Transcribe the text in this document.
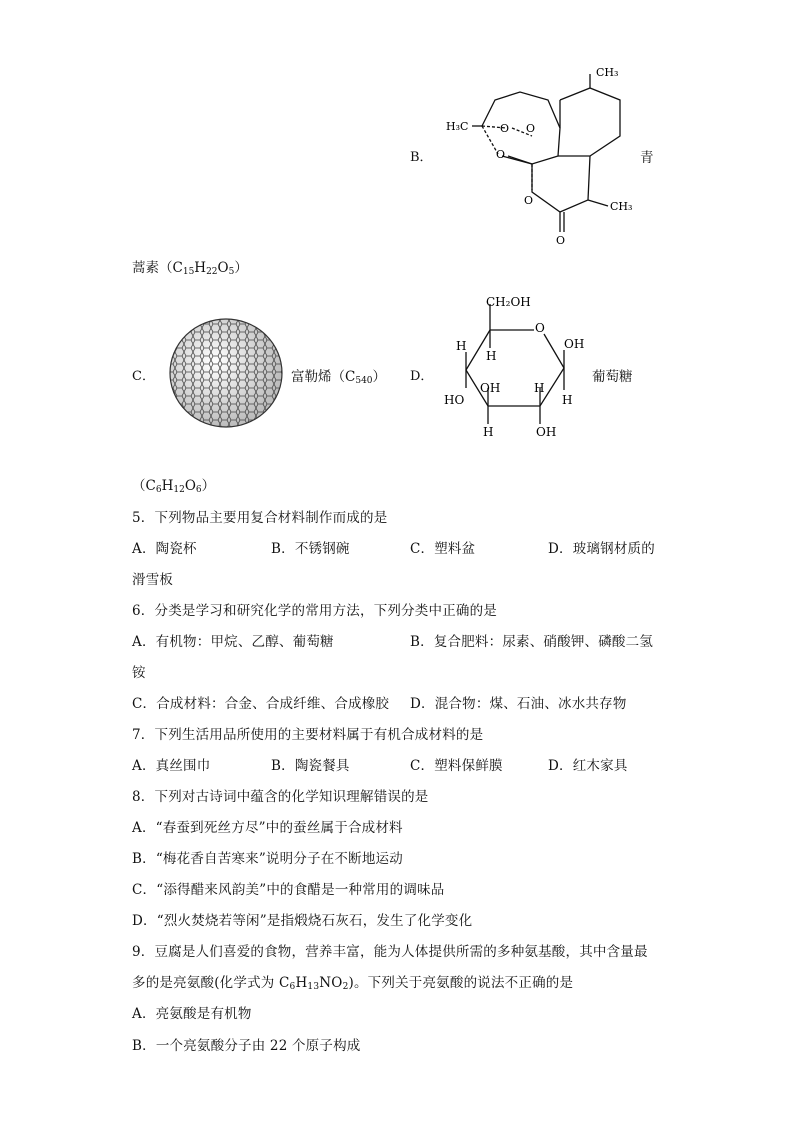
B．
CH₃
H₃C	O O
O
O
O
CH₃
青
蒿素$(C_{15}H_{22}O_5)$
C．	富勒烯$(C_{540})$ D．
CH₂OH
O
H
H
OH
OH	H
HO	H
H	OH
葡萄糖
$(C_6H_{12}O_6)$
5．下列物品主要用复合材料制作而成的是
A．陶瓷杯	B．不锈钢碗	C．塑料盆	D．玻璃钢材质的
滑雪板
6．分类是学习和研究化学的常用方法，下列分类中正确的是
A．有机物：甲烷、乙醇、葡萄糖	B．复合肥料：尿素、硝酸钾、磷酸二氢
铵
C．合成材料：合金、合成纤维、合成橡胶 D．混合物：煤、石油、冰水共存物
7．下列生活用品所使用的主要材料属于有机合成材料的是
A．真丝围巾	B．陶瓷餐具	C．塑料保鲜膜	D．红木家具
8．下列对古诗词中蕴含的化学知识理解错误的是
A．“春蚕到死丝方尽”中的蚕丝属于合成材料
B．“梅花香自苦寒来”说明分子在不断地运动
C．“添得醋来风韵美”中的食醋是一种常用的调味品
D．“烈火焚烧若等闲”是指煅烧石灰石，发生了化学变化
9．豆腐是人们喜爱的食物，营养丰富，能为人体提供所需的多种氨基酸，其中含量最
多的是亮氨酸(化学式为 $C_6H_{13}NO_2$)。下列关于亮氨酸的说法不正确的是
A．亮氨酸是有机物
B．一个亮氨酸分子由 22 个原子构成
